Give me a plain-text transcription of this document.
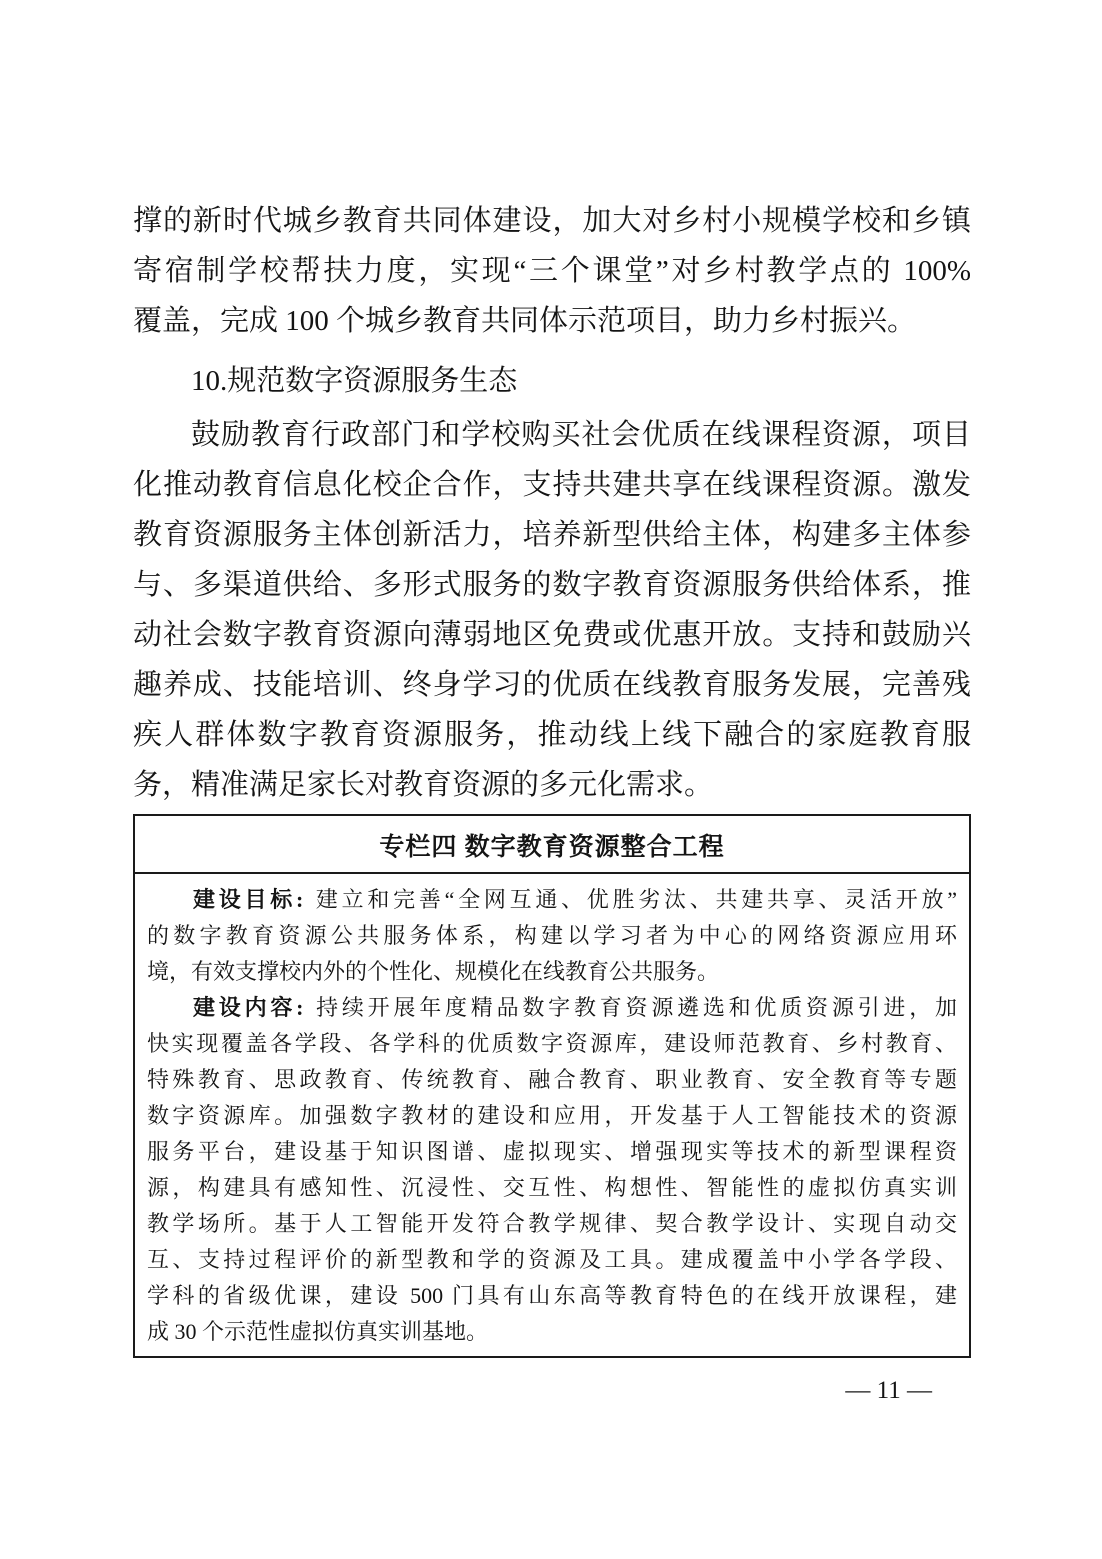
撑的新时代城乡教育共同体建设，加大对乡村小规模学校和乡镇
寄宿制学校帮扶力度，实现“三个课堂”对乡村教学点的 100%
覆盖，完成 100 个城乡教育共同体示范项目，助力乡村振兴。
10.规范数字资源服务生态
鼓励教育行政部门和学校购买社会优质在线课程资源，项目
化推动教育信息化校企合作，支持共建共享在线课程资源。激发
教育资源服务主体创新活力，培养新型供给主体，构建多主体参
与、多渠道供给、多形式服务的数字教育资源服务供给体系，推
动社会数字教育资源向薄弱地区免费或优惠开放。支持和鼓励兴
趣养成、技能培训、终身学习的优质在线教育服务发展，完善残
疾人群体数字教育资源服务，推动线上线下融合的家庭教育服
务，精准满足家长对教育资源的多元化需求。
专栏四 数字教育资源整合工程
建设目标: 建立和完善“全网互通、优胜劣汰、共建共享、灵活开放”
的数字教育资源公共服务体系，构建以学习者为中心的网络资源应用环
境，有效支撑校内外的个性化、规模化在线教育公共服务。
建设内容: 持续开展年度精品数字教育资源遴选和优质资源引进，加
快实现覆盖各学段、各学科的优质数字资源库，建设师范教育、乡村教育、
特殊教育、思政教育、传统教育、融合教育、职业教育、安全教育等专题
数字资源库。加强数字教材的建设和应用，开发基于人工智能技术的资源
服务平台，建设基于知识图谱、虚拟现实、增强现实等技术的新型课程资
源，构建具有感知性、沉浸性、交互性、构想性、智能性的虚拟仿真实训
教学场所。基于人工智能开发符合教学规律、契合教学设计、实现自动交
互、支持过程评价的新型教和学的资源及工具。建成覆盖中小学各学段、
学科的省级优课，建设 500 门具有山东高等教育特色的在线开放课程，建
成 30 个示范性虚拟仿真实训基地。
— 11 —
